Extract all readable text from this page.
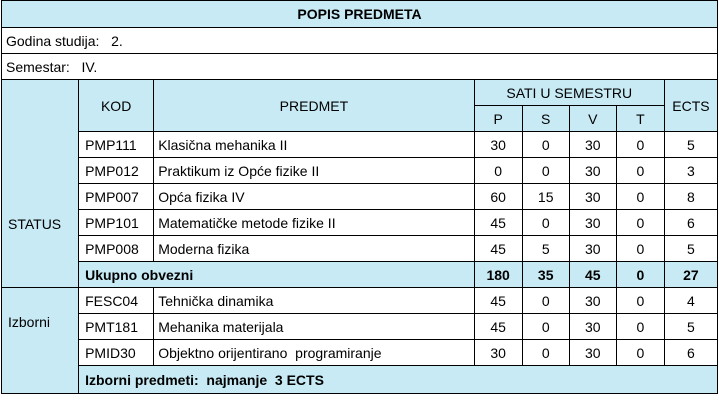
POPIS PREDMETA							
Godina studija: 2.							
Semestar: IV.							

STATUS	KOD	PREDMET	SATI U SEMESTRU				ECTS
			P	S	V	T	
	PMP111	Klasična mehanika II	30	0	30	0	5
	PMP012	Praktikum iz Opće fizike II	0	0	30	0	3
	PMP007	Opća fizika IV	60	15	30	0	8
	PMP101	Matematičke metode fizike II	45	0	30	0	6
	PMP008	Moderna fizika	45	5	30	0	5
	Ukupno obvezni		180	35	45	0	27
Izborni	FESC04	Tehnička dinamika	45	0	30	0	4
	PMT181	Mehanika materijala	45	0	30	0	5
	PMID30	Objektno orijentirano  programiranje	30	0	30	0	6
	Izborni predmeti:  najmanje  3 ECTS						
